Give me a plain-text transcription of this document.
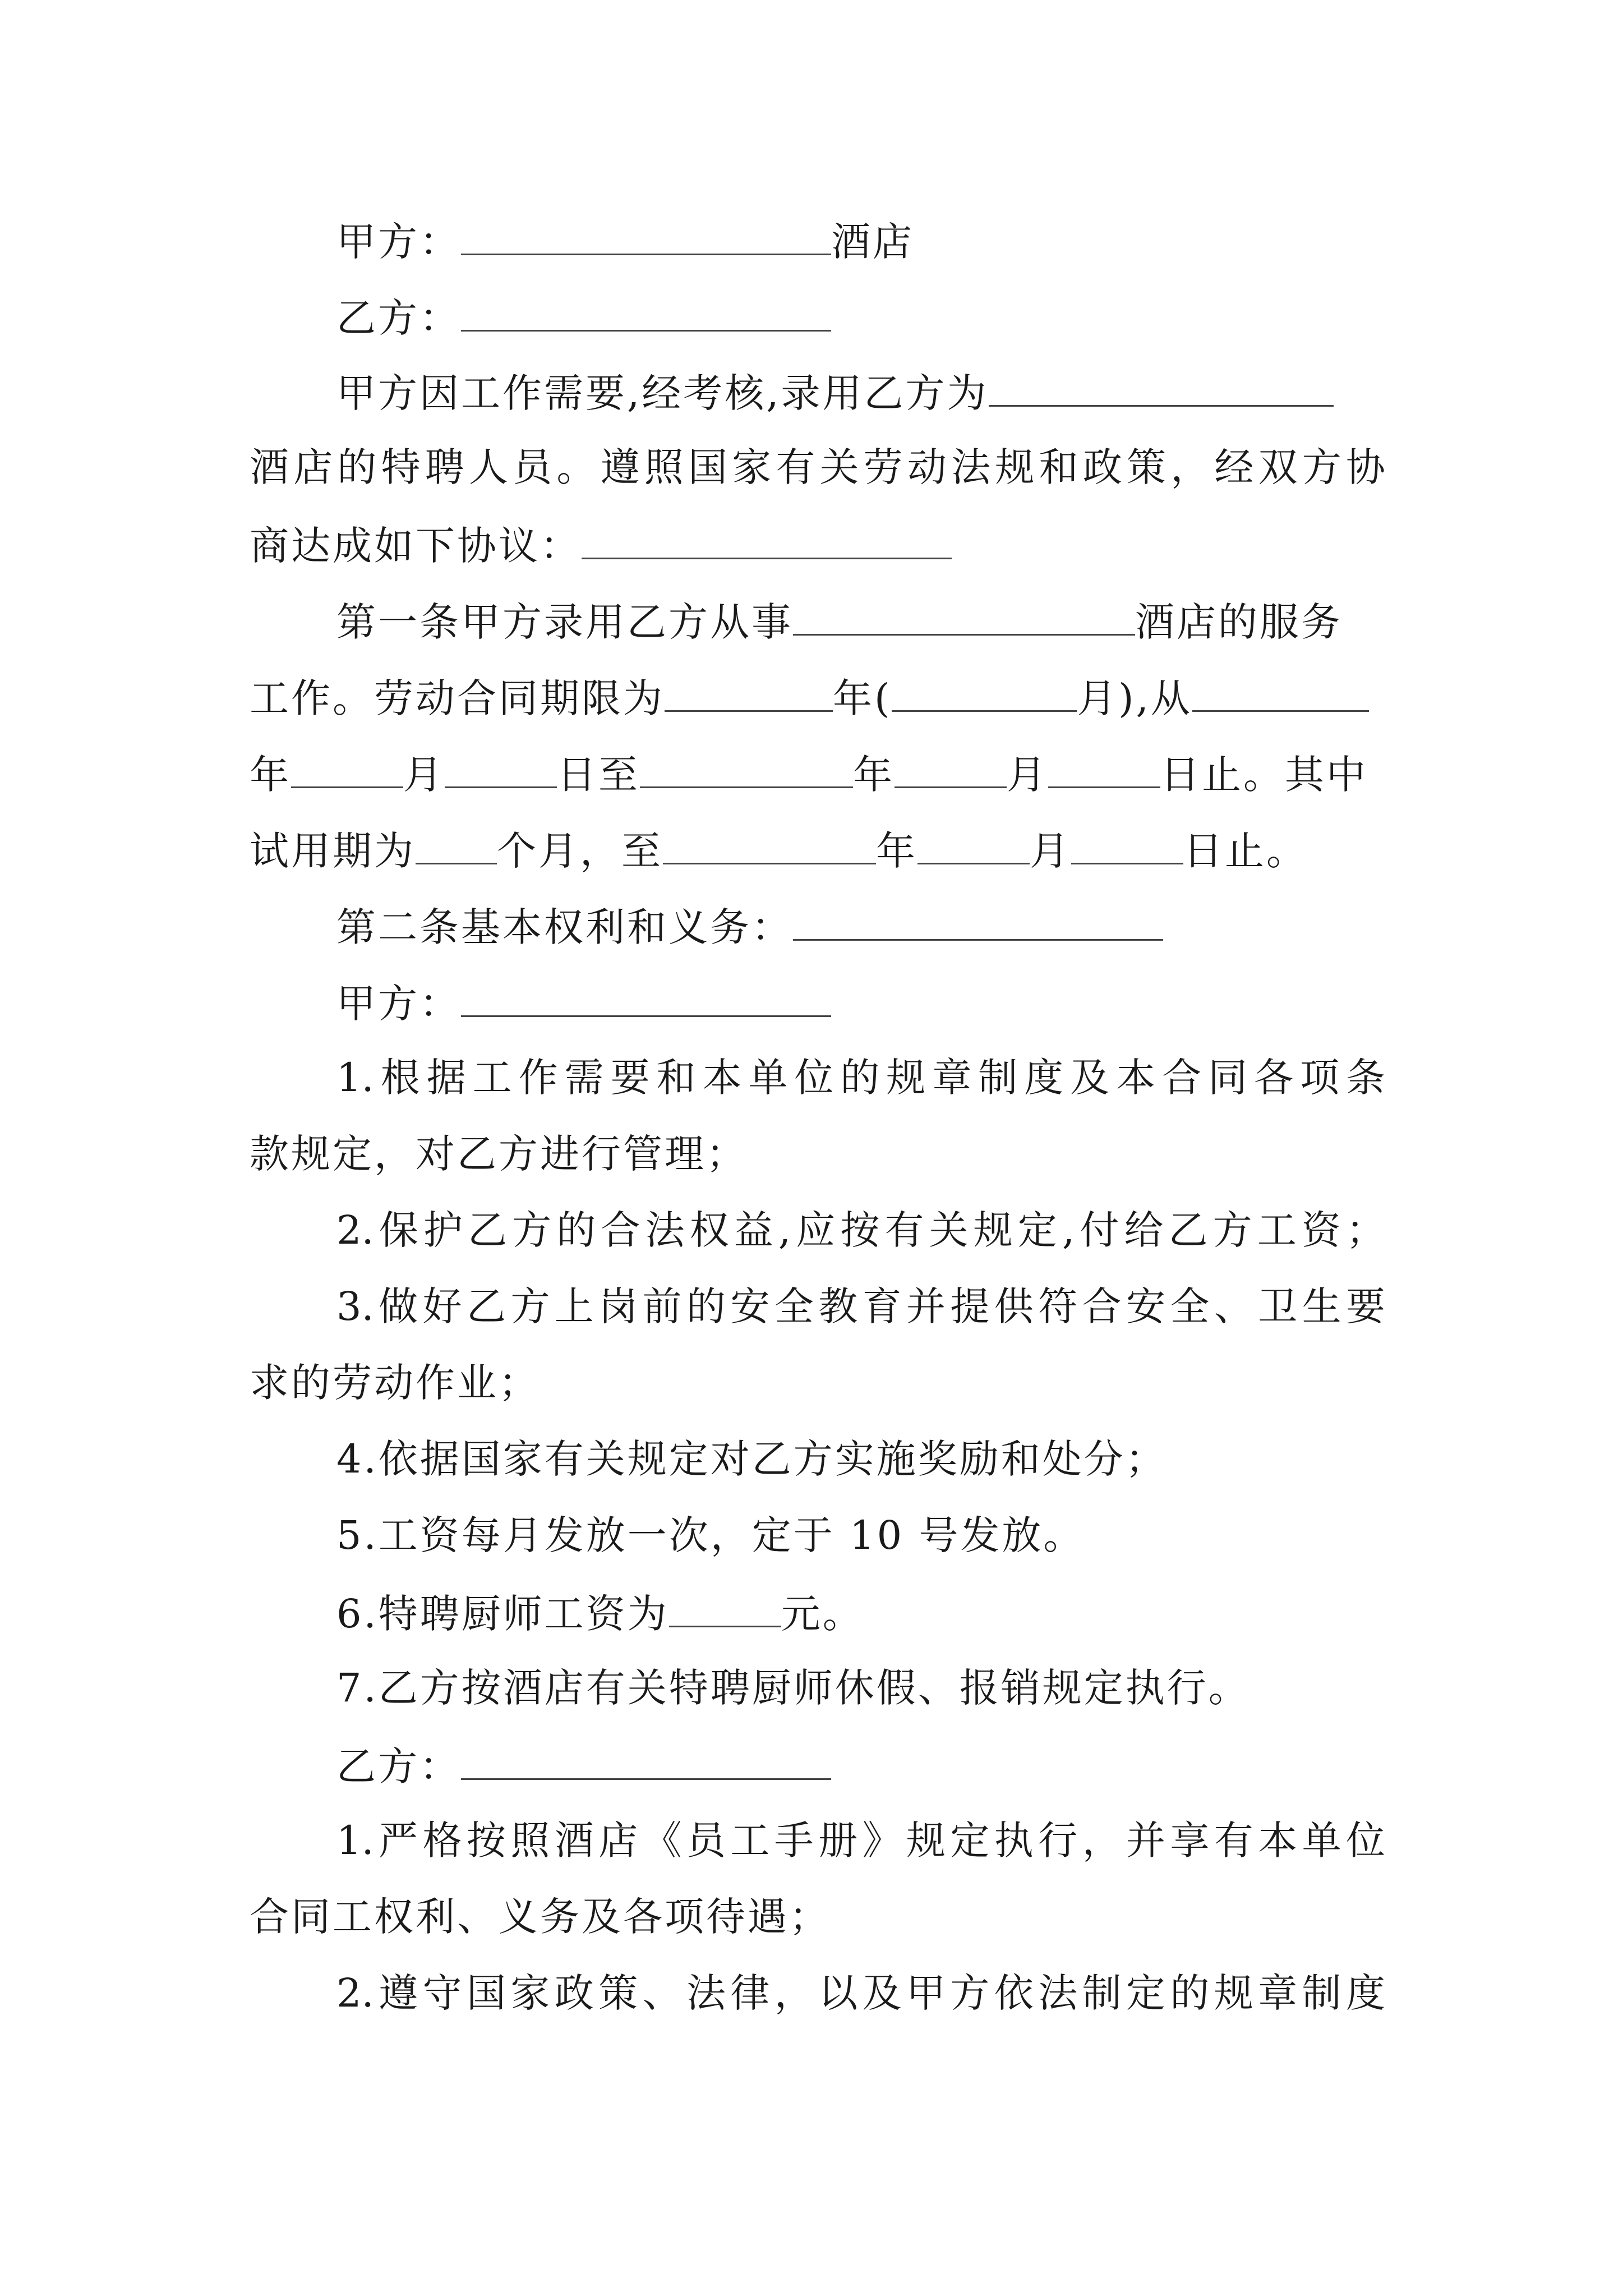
甲方：	酒店
乙方：
甲方因工作需要,经考核,录用乙方为
酒店的特聘人员。遵照国家有关劳动法规和政策，经双方协
商达成如下协议：
第一条甲方录用乙方从事	酒店的服务
工作。劳动合同期限为	年(	月),从
年	月	日至	年	月	日止。其中
试用期为 个月，至	年	月	日止。
第二条基本权利和义务：
甲方：
1.根据工作需要和本单位的规章制度及本合同各项条
款规定，对乙方进行管理；
2.保护乙方的合法权益,应按有关规定,付给乙方工资；
3.做好乙方上岗前的安全教育并提供符合安全、卫生要
求的劳动作业；
4.依据国家有关规定对乙方实施奖励和处分；
5.工资每月发放一次，定于 10 号发放。
6.特聘厨师工资为	元。
7.乙方按酒店有关特聘厨师休假、报销规定执行。
乙方：
1.严格按照酒店《员工手册》规定执行，并享有本单位
合同工权利、义务及各项待遇；
2.遵守国家政策、法律，以及甲方依法制定的规章制度
